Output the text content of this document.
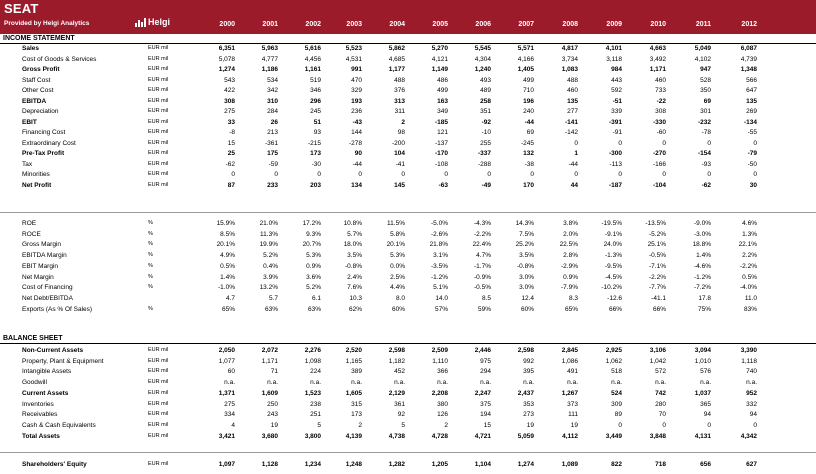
SEAT
Provided by Helgi Analytics	Helgi	2000	2001	2002	2003	2004	2005	2006	2007	2008	2009	2010	2011	2012
INCOME STATEMENT
Sales	EUR mil	6,351	5,963	5,616	5,523	5,862	5,270	5,545	5,571	4,817	4,101	4,663	5,049	6,087
Cost of Goods & Services	EUR mil	5,078	4,777	4,456	4,531	4,685	4,121	4,304	4,166	3,734	3,118	3,492	4,102	4,739
Gross Profit	EUR mil	1,274	1,186	1,161	991	1,177	1,149	1,240	1,405	1,083	984	1,171	947	1,348
Staff Cost	EUR mil	543	534	519	470	488	486	493	499	488	443	460	528	566
Other Cost	EUR mil	422	342	346	329	376	499	489	710	460	592	733	350	647
EBITDA	EUR mil	308	310	296	193	313	163	258	196	135	-51	-22	69	135
Depreciation	EUR mil	275	284	245	236	311	349	351	240	277	339	308	301	269
EBIT	EUR mil	33	26	51	-43	2	-185	-92	-44	-141	-391	-330	-232	-134
Financing Cost	EUR mil	-8	213	93	144	98	121	-10	69	-142	-91	-60	-78	-55
Extraordinary Cost	EUR mil	15	-361	-215	-278	-200	-137	255	-245	0	0	0	0	0
Pre-Tax Profit	EUR mil	25	175	173	90	104	-170	-337	132	1	-300	-270	-154	-79
Tax	EUR mil	-62	-59	-30	-44	-41	-108	-288	-38	-44	-113	-166	-93	-50
Minorities	EUR mil	0	0	0	0	0	0	0	0	0	0	0	0	0
Net Profit	EUR mil	87	233	203	134	145	-63	-49	170	44	-187	-104	-62	30
ROE	%	15.9%	21.0%	17.2%	10.8%	11.5%	-5.0%	-4.3%	14.3%	3.8%	-19.5%	-13.5%	-9.0%	4.6%
ROCE	%	8.5%	11.3%	9.3%	5.7%	5.8%	-2.6%	-2.2%	7.5%	2.0%	-9.1%	-5.2%	-3.0%	1.3%
Gross Margin	%	20.1%	19.9%	20.7%	18.0%	20.1%	21.8%	22.4%	25.2%	22.5%	24.0%	25.1%	18.8%	22.1%
EBITDA Margin	%	4.9%	5.2%	5.3%	3.5%	5.3%	3.1%	4.7%	3.5%	2.8%	-1.3%	-0.5%	1.4%	2.2%
EBIT Margin	%	0.5%	0.4%	0.9%	-0.8%	0.0%	-3.5%	-1.7%	-0.8%	-2.9%	-9.5%	-7.1%	-4.6%	-2.2%
Net Margin	%	1.4%	3.9%	3.6%	2.4%	2.5%	-1.2%	-0.9%	3.0%	0.9%	-4.5%	-2.2%	-1.2%	0.5%
Cost of Financing	%	-1.0%	13.2%	5.2%	7.6%	4.4%	5.1%	-0.5%	3.0%	-7.9%	-10.2%	-7.7%	-7.2%	-4.0%
Net Debt/EBITDA	4.7	5.7	6.1	10.3	8.0	14.0	8.5	12.4	8.3	-12.6	-41.1	17.8	11.0
Exports (As % Of Sales)	%	65%	63%	63%	62%	60%	57%	59%	60%	65%	66%	66%	75%	83%
BALANCE SHEET
Non-Current Assets	EUR mil	2,050	2,072	2,276	2,520	2,598	2,509	2,446	2,598	2,845	2,925	3,106	3,094	3,390
Property, Plant & Equipment	EUR mil	1,077	1,171	1,098	1,165	1,182	1,110	975	992	1,086	1,062	1,042	1,010	1,118
Intangible Assets	EUR mil	60	71	224	389	452	366	294	395	491	518	572	576	740
Goodwill	EUR mil	n.a.	n.a.	n.a.	n.a.	n.a.	n.a.	n.a.	n.a.	n.a.	n.a.	n.a.	n.a.	n.a.
Current Assets	EUR mil	1,371	1,609	1,523	1,605	2,129	2,208	2,247	2,437	1,267	524	742	1,037	952
Inventories	EUR mil	275	250	238	315	361	380	375	353	373	309	280	365	332
Receivables	EUR mil	334	243	251	173	92	126	194	273	111	89	70	94	94
Cash & Cash Equivalents	EUR mil	4	19	5	2	5	2	15	19	19	0	0	0	0
Total Assets	EUR mil	3,421	3,680	3,800	4,139	4,738	4,728	4,721	5,059	4,112	3,449	3,848	4,131	4,342
Shareholders' Equity	EUR mil	1,097	1,128	1,234	1,248	1,282	1,205	1,104	1,274	1,089	822	718	656	627
